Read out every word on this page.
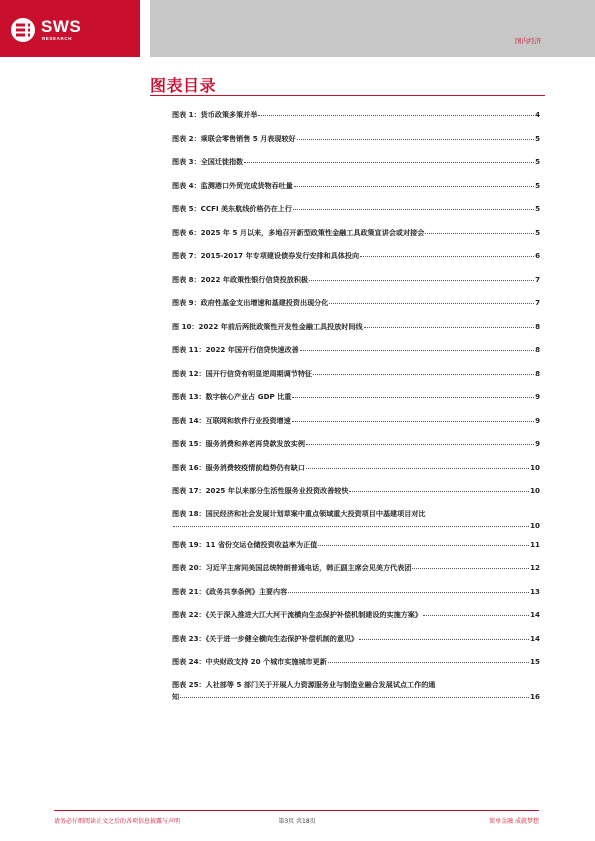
SWS
RESEARCH	国内经济
图表目录
图表 1：货币政策多策并举	4
图表 2：乘联会零售销售 5 月表现较好	5
图表 3：全国迁徙指数	5
图表 4：监测港口外贸完成货物吞吐量	5
图表 5：CCFI 美东航线价格仍在上行	5
图表 6：2025 年 5 月以来，多地召开新型政策性金融工具政策宣讲会或对接会	5
图表 7：2015-2017 年专项建设债券发行安排和具体投向	6
图表 8：2022 年政策性银行信贷投放积极	7
图表 9：政府性基金支出增速和基建投资出现分化	7
图 10：2022 年前后两批政策性开发性金融工具投放时间线	8
图表 11：2022 年国开行信贷快速改善	8
图表 12：国开行信贷有明显逆周期调节特征	8
图表 13：数字核心产业占 GDP 比重	9
图表 14：互联网和软件行业投资增速	9
图表 15：服务消费和养老再贷款发放实例	9
图表 16：服务消费较疫情前趋势仍有缺口	10
图表 17：2025 年以来部分生活性服务业投资改善较快	10
图表 18：国民经济和社会发展计划草案中重点领域重大投资项目中基建项目对比
10
图表 19：11 省份交运仓储投资收益率为正值	11
图表 20：习近平主席同美国总统特朗普通电话，韩正副主席会见美方代表团	12
图表 21：《政务共享条例》主要内容	13
图表 22：《关于深入推进大江大河干流横向生态保护补偿机制建设的实施方案》	14
图表 23：《关于进一步健全横向生态保护补偿机制的意见》	14
图表 24：中央财政支持 20 个城市实施城市更新	15
图表 25：人社部等 5 部门关于开展人力资源服务业与制造业融合发展试点工作的通
知	16
请务必仔细阅读正文之后的各项信息披露与声明	第3页 共18页	简单金融 成就梦想
